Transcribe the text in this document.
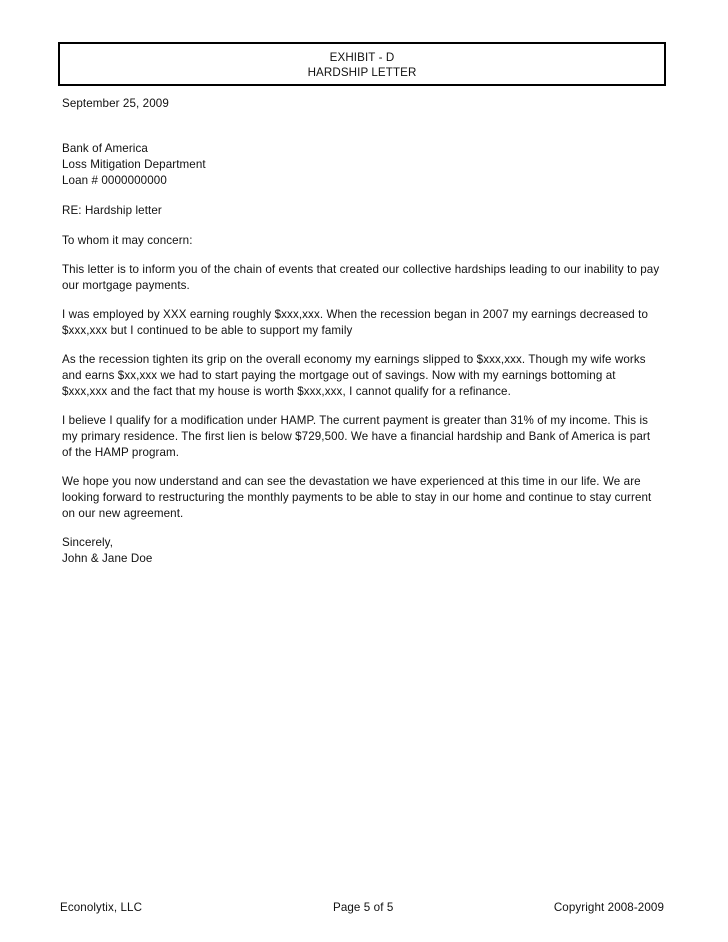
EXHIBIT - D
HARDSHIP LETTER
September 25, 2009
Bank of America
Loss Mitigation Department
Loan # 0000000000
RE: Hardship letter
To whom it may concern:
This letter is to inform you of the chain of events that created our collective hardships leading to our inability to pay
our mortgage payments.
I was employed by XXX earning roughly $xxx,xxx. When the recession began in 2007 my earnings decreased to
$xxx,xxx but I continued to be able to support my family
As the recession tighten its grip on the overall economy my earnings slipped to $xxx,xxx. Though my wife works
and earns $xx,xxx we had to start paying the mortgage out of savings. Now with my earnings bottoming at
$xxx,xxx and the fact that my house is worth $xxx,xxx, I cannot qualify for a refinance.
I believe I qualify for a modification under HAMP. The current payment is greater than 31% of my income. This is
my primary residence. The first lien is below $729,500. We have a financial hardship and Bank of America is part
of the HAMP program.
We hope you now understand and can see the devastation we have experienced at this time in our life. We are
looking forward to restructuring the monthly payments to be able to stay in our home and continue to stay current
on our new agreement.
Sincerely,
John & Jane Doe
Econolytix, LLC	Page 5 of 5	Copyright 2008-2009
